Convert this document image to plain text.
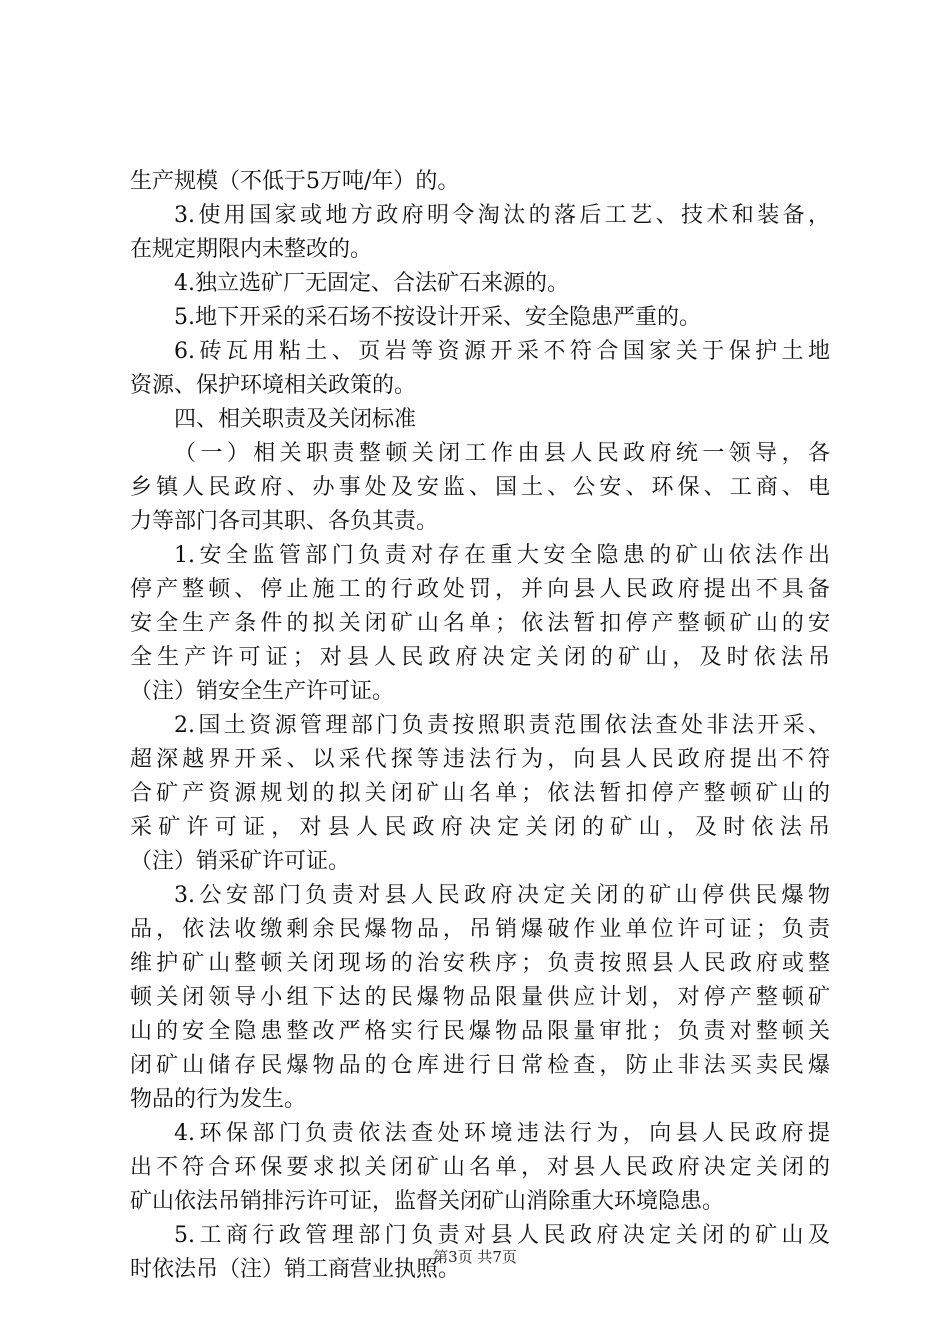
生产规模（不低于5万吨/年）的。
3.使用国家或地方政府明令淘汰的落后工艺、技术和装备，
在规定期限内未整改的。
4.独立选矿厂无固定、合法矿石来源的。
5.地下开采的采石场不按设计开采、安全隐患严重的。
6.砖瓦用粘土、页岩等资源开采不符合国家关于保护土地
资源、保护环境相关政策的。
四、相关职责及关闭标准
（一）相关职责整顿关闭工作由县人民政府统一领导，各
乡镇人民政府、办事处及安监、国土、公安、环保、工商、电
力等部门各司其职、各负其责。
1.安全监管部门负责对存在重大安全隐患的矿山依法作出
停产整顿、停止施工的行政处罚，并向县人民政府提出不具备
安全生产条件的拟关闭矿山名单；依法暂扣停产整顿矿山的安
全生产许可证；对县人民政府决定关闭的矿山，及时依法吊
（注）销安全生产许可证。
2.国土资源管理部门负责按照职责范围依法查处非法开采、
超深越界开采、以采代探等违法行为，向县人民政府提出不符
合矿产资源规划的拟关闭矿山名单；依法暂扣停产整顿矿山的
采矿许可证，对县人民政府决定关闭的矿山，及时依法吊
（注）销采矿许可证。
3.公安部门负责对县人民政府决定关闭的矿山停供民爆物
品，依法收缴剩余民爆物品，吊销爆破作业单位许可证；负责
维护矿山整顿关闭现场的治安秩序；负责按照县人民政府或整
顿关闭领导小组下达的民爆物品限量供应计划，对停产整顿矿
山的安全隐患整改严格实行民爆物品限量审批；负责对整顿关
闭矿山储存民爆物品的仓库进行日常检查，防止非法买卖民爆
物品的行为发生。
4.环保部门负责依法查处环境违法行为，向县人民政府提
出不符合环保要求拟关闭矿山名单，对县人民政府决定关闭的
矿山依法吊销排污许可证，监督关闭矿山消除重大环境隐患。
5.工商行政管理部门负责对县人民政府决定关闭的矿山及
时依法吊（注）销工商营业执照。
第3页 共7页
